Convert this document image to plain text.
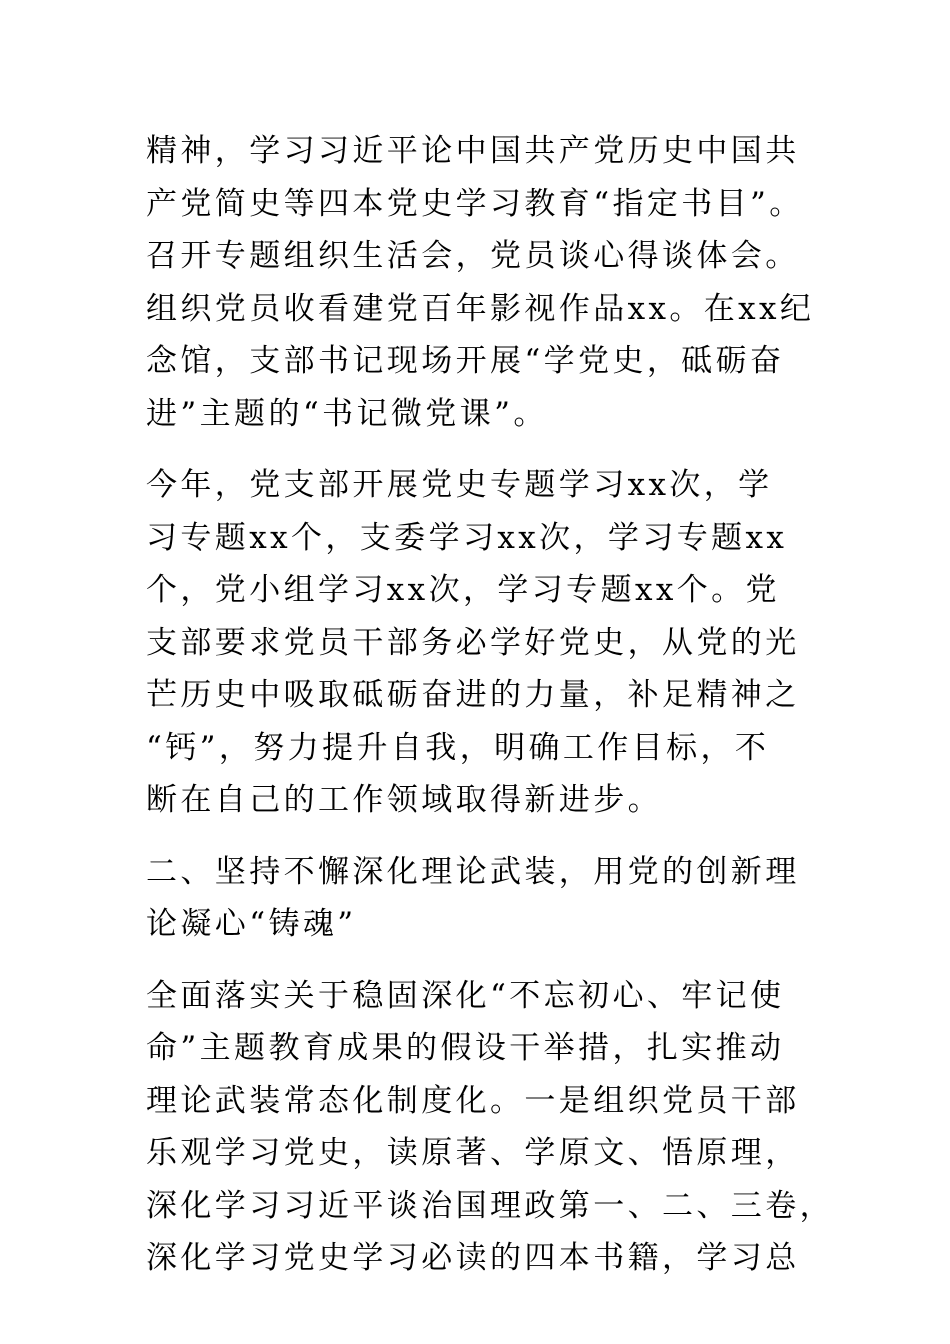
精神，学习习近平论中国共产党历史中国共
产党简史等四本党史学习教育“指定书目”。
召开专题组织生活会，党员谈心得谈体会。
组织党员收看建党百年影视作品xx。在xx纪
念馆，支部书记现场开展“学党史，砥砺奋
进”主题的“书记微党课”。
今年，党支部开展党史专题学习xx次，学
习专题xx个，支委学习xx次，学习专题xx
个，党小组学习xx次，学习专题xx个。党
支部要求党员干部务必学好党史，从党的光
芒历史中吸取砥砺奋进的力量，补足精神之
“钙”，努力提升自我，明确工作目标，不
断在自己的工作领域取得新进步。
二、坚持不懈深化理论武装，用党的创新理
论凝心“铸魂”
全面落实关于稳固深化“不忘初心、牢记使
命”主题教育成果的假设干举措，扎实推动
理论武装常态化制度化。一是组织党员干部
乐观学习党史，读原著、学原文、悟原理，
深化学习习近平谈治国理政第一、二、三卷，
深化学习党史学习必读的四本书籍，学习总
